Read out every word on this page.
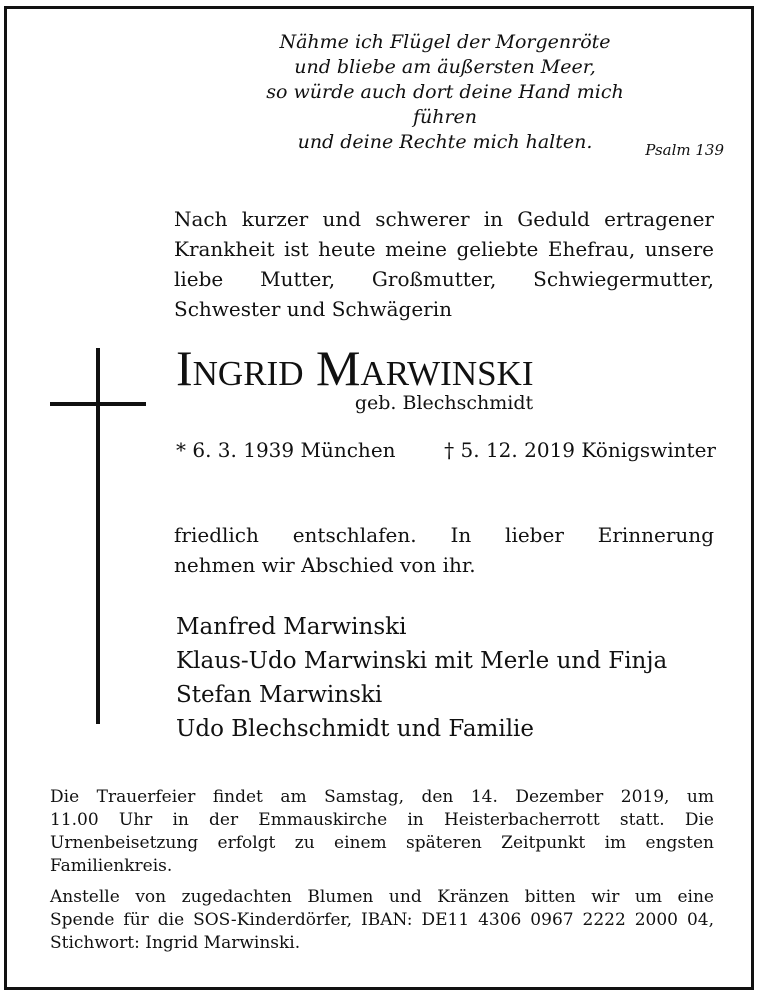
Nähme ich Flügel der Morgenröte
und bliebe am äußersten Meer,
so würde auch dort deine Hand mich führen
und deine Rechte mich halten.	Psalm 139
Nach kurzer und schwerer in Geduld ertragener
Krankheit ist heute meine geliebte Ehefrau, unsere
liebe Mutter, Großmutter, Schwiegermutter,
Schwester und Schwägerin
Ingrid Marwinski
geb. Blechschmidt
* 6. 3. 1939 München † 5. 12. 2019 Königswinter
friedlich entschlafen. In lieber Erinnerung
nehmen wir Abschied von ihr.
Manfred Marwinski
Klaus-Udo Marwinski mit Merle und Finja
Stefan Marwinski
Udo Blechschmidt und Familie
Die Trauerfeier findet am Samstag, den 14. Dezember 2019, um
11.00 Uhr in der Emmauskirche in Heisterbacherrott statt. Die
Urnenbeisetzung erfolgt zu einem späteren Zeitpunkt im engsten
Familienkreis.
Anstelle von zugedachten Blumen und Kränzen bitten wir um eine
Spende für die SOS-Kinderdörfer, IBAN: DE11 4306 0967 2222 2000 04,
Stichwort: Ingrid Marwinski.
